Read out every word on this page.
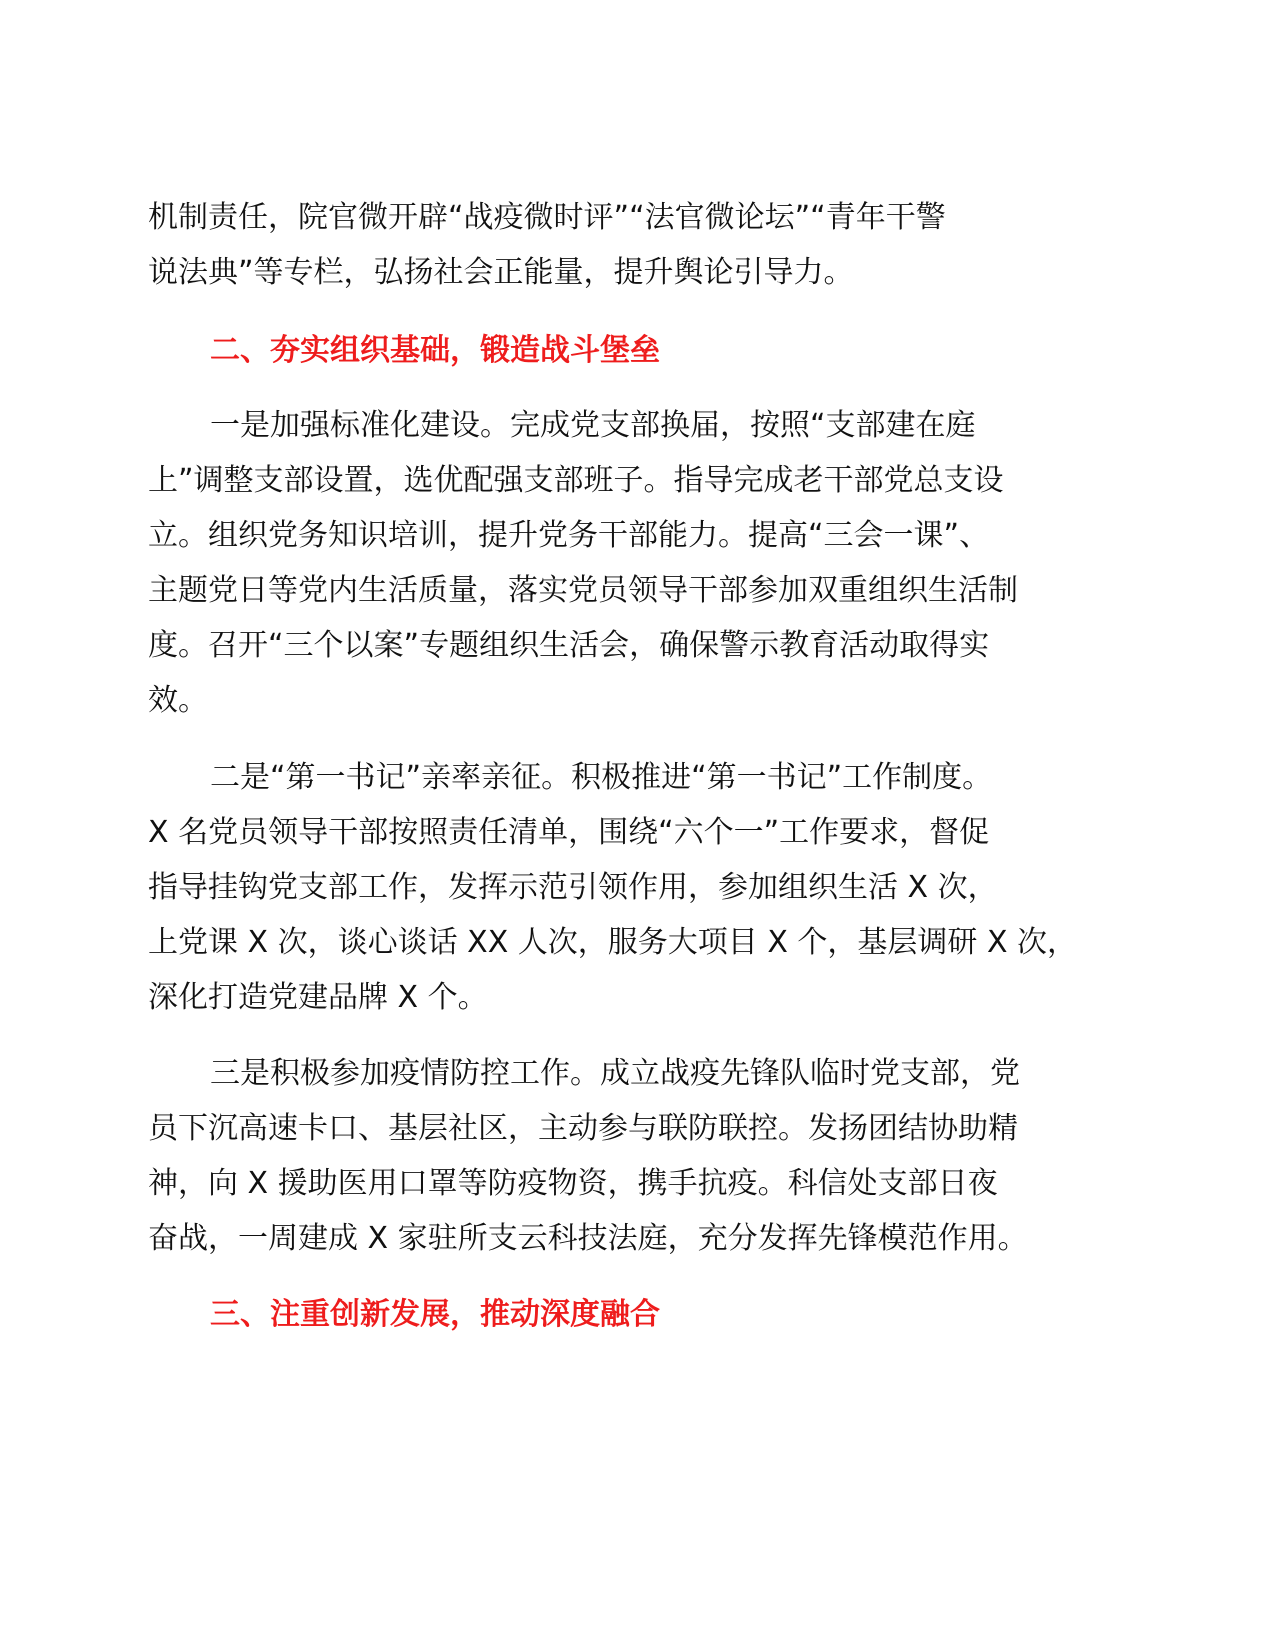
机制责任，院官微开辟“战疫微时评”“法官微论坛”“青年干警
说法典”等专栏，弘扬社会正能量，提升舆论引导力。
二、夯实组织基础，锻造战斗堡垒
一是加强标准化建设。完成党支部换届，按照“支部建在庭
上”调整支部设置，选优配强支部班子。指导完成老干部党总支设
立。组织党务知识培训，提升党务干部能力。提高“三会一课”、
主题党日等党内生活质量，落实党员领导干部参加双重组织生活制
度。召开“三个以案”专题组织生活会，确保警示教育活动取得实
效。
二是“第一书记”亲率亲征。积极推进“第一书记”工作制度。
X 名党员领导干部按照责任清单，围绕“六个一”工作要求，督促
指导挂钩党支部工作，发挥示范引领作用，参加组织生活 X 次，
上党课 X 次，谈心谈话 XX 人次，服务大项目 X 个，基层调研 X 次，
深化打造党建品牌 X 个。
三是积极参加疫情防控工作。成立战疫先锋队临时党支部，党
员下沉高速卡口、基层社区，主动参与联防联控。发扬团结协助精
神，向 X 援助医用口罩等防疫物资，携手抗疫。科信处支部日夜
奋战，一周建成 X 家驻所支云科技法庭，充分发挥先锋模范作用。
三、注重创新发展，推动深度融合
